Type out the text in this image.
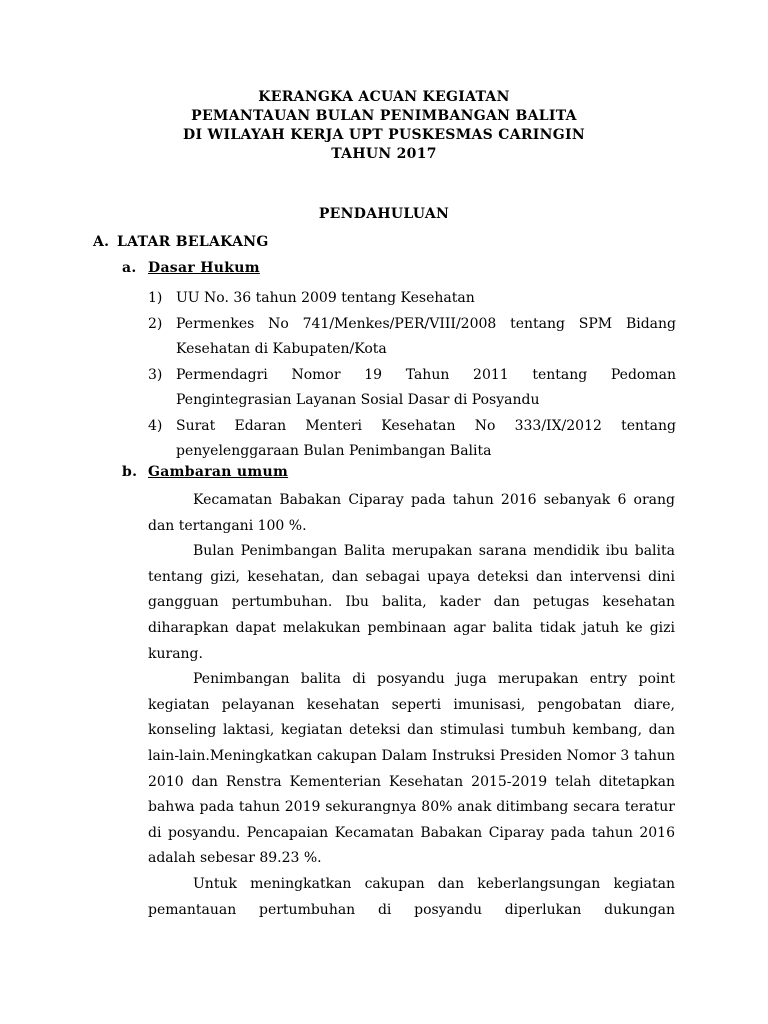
KERANGKA ACUAN KEGIATAN
PEMANTAUAN BULAN PENIMBANGAN BALITA
DI WILAYAH KERJA UPT PUSKESMAS CARINGIN
TAHUN 2017
PENDAHULUAN
A. LATAR BELAKANG
a. Dasar Hukum
1) UU No. 36 tahun 2009 tentang Kesehatan
2) Permenkes No 741/Menkes/PER/VIII/2008 tentang SPM Bidang
Kesehatan di Kabupaten/Kota
3) Permendagri Nomor 19 Tahun 2011 tentang Pedoman
Pengintegrasian Layanan Sosial Dasar di Posyandu
4) Surat Edaran Menteri Kesehatan No 333/IX/2012 tentang
penyelenggaraan Bulan Penimbangan Balita
b. Gambaran umum

Kecamatan Babakan Ciparay pada tahun 2016 sebanyak 6 orang dan tertangani 100 %.

Bulan Penimbangan Balita merupakan sarana mendidik ibu balita tentang gizi, kesehatan, dan sebagai upaya deteksi dan intervensi dini gangguan pertumbuhan. Ibu balita, kader dan petugas kesehatan diharapkan dapat melakukan pembinaan agar balita tidak jatuh ke gizi kurang.

Penimbangan balita di posyandu juga merupakan entry point kegiatan pelayanan kesehatan seperti imunisasi, pengobatan diare, konseling laktasi, kegiatan deteksi dan stimulasi tumbuh kembang, dan lain-lain.Meningkatkan cakupan Dalam Instruksi Presiden Nomor 3 tahun 2010 dan Renstra Kementerian Kesehatan 2015-2019 telah ditetapkan bahwa pada tahun 2019 sekurangnya 80% anak ditimbang secara teratur di posyandu. Pencapaian Kecamatan Babakan Ciparay pada tahun 2016 adalah sebesar 89.23 %.

Untuk meningkatkan cakupan dan keberlangsungan kegiatan pemantauan pertumbuhan di posyandu diperlukan dukungan
